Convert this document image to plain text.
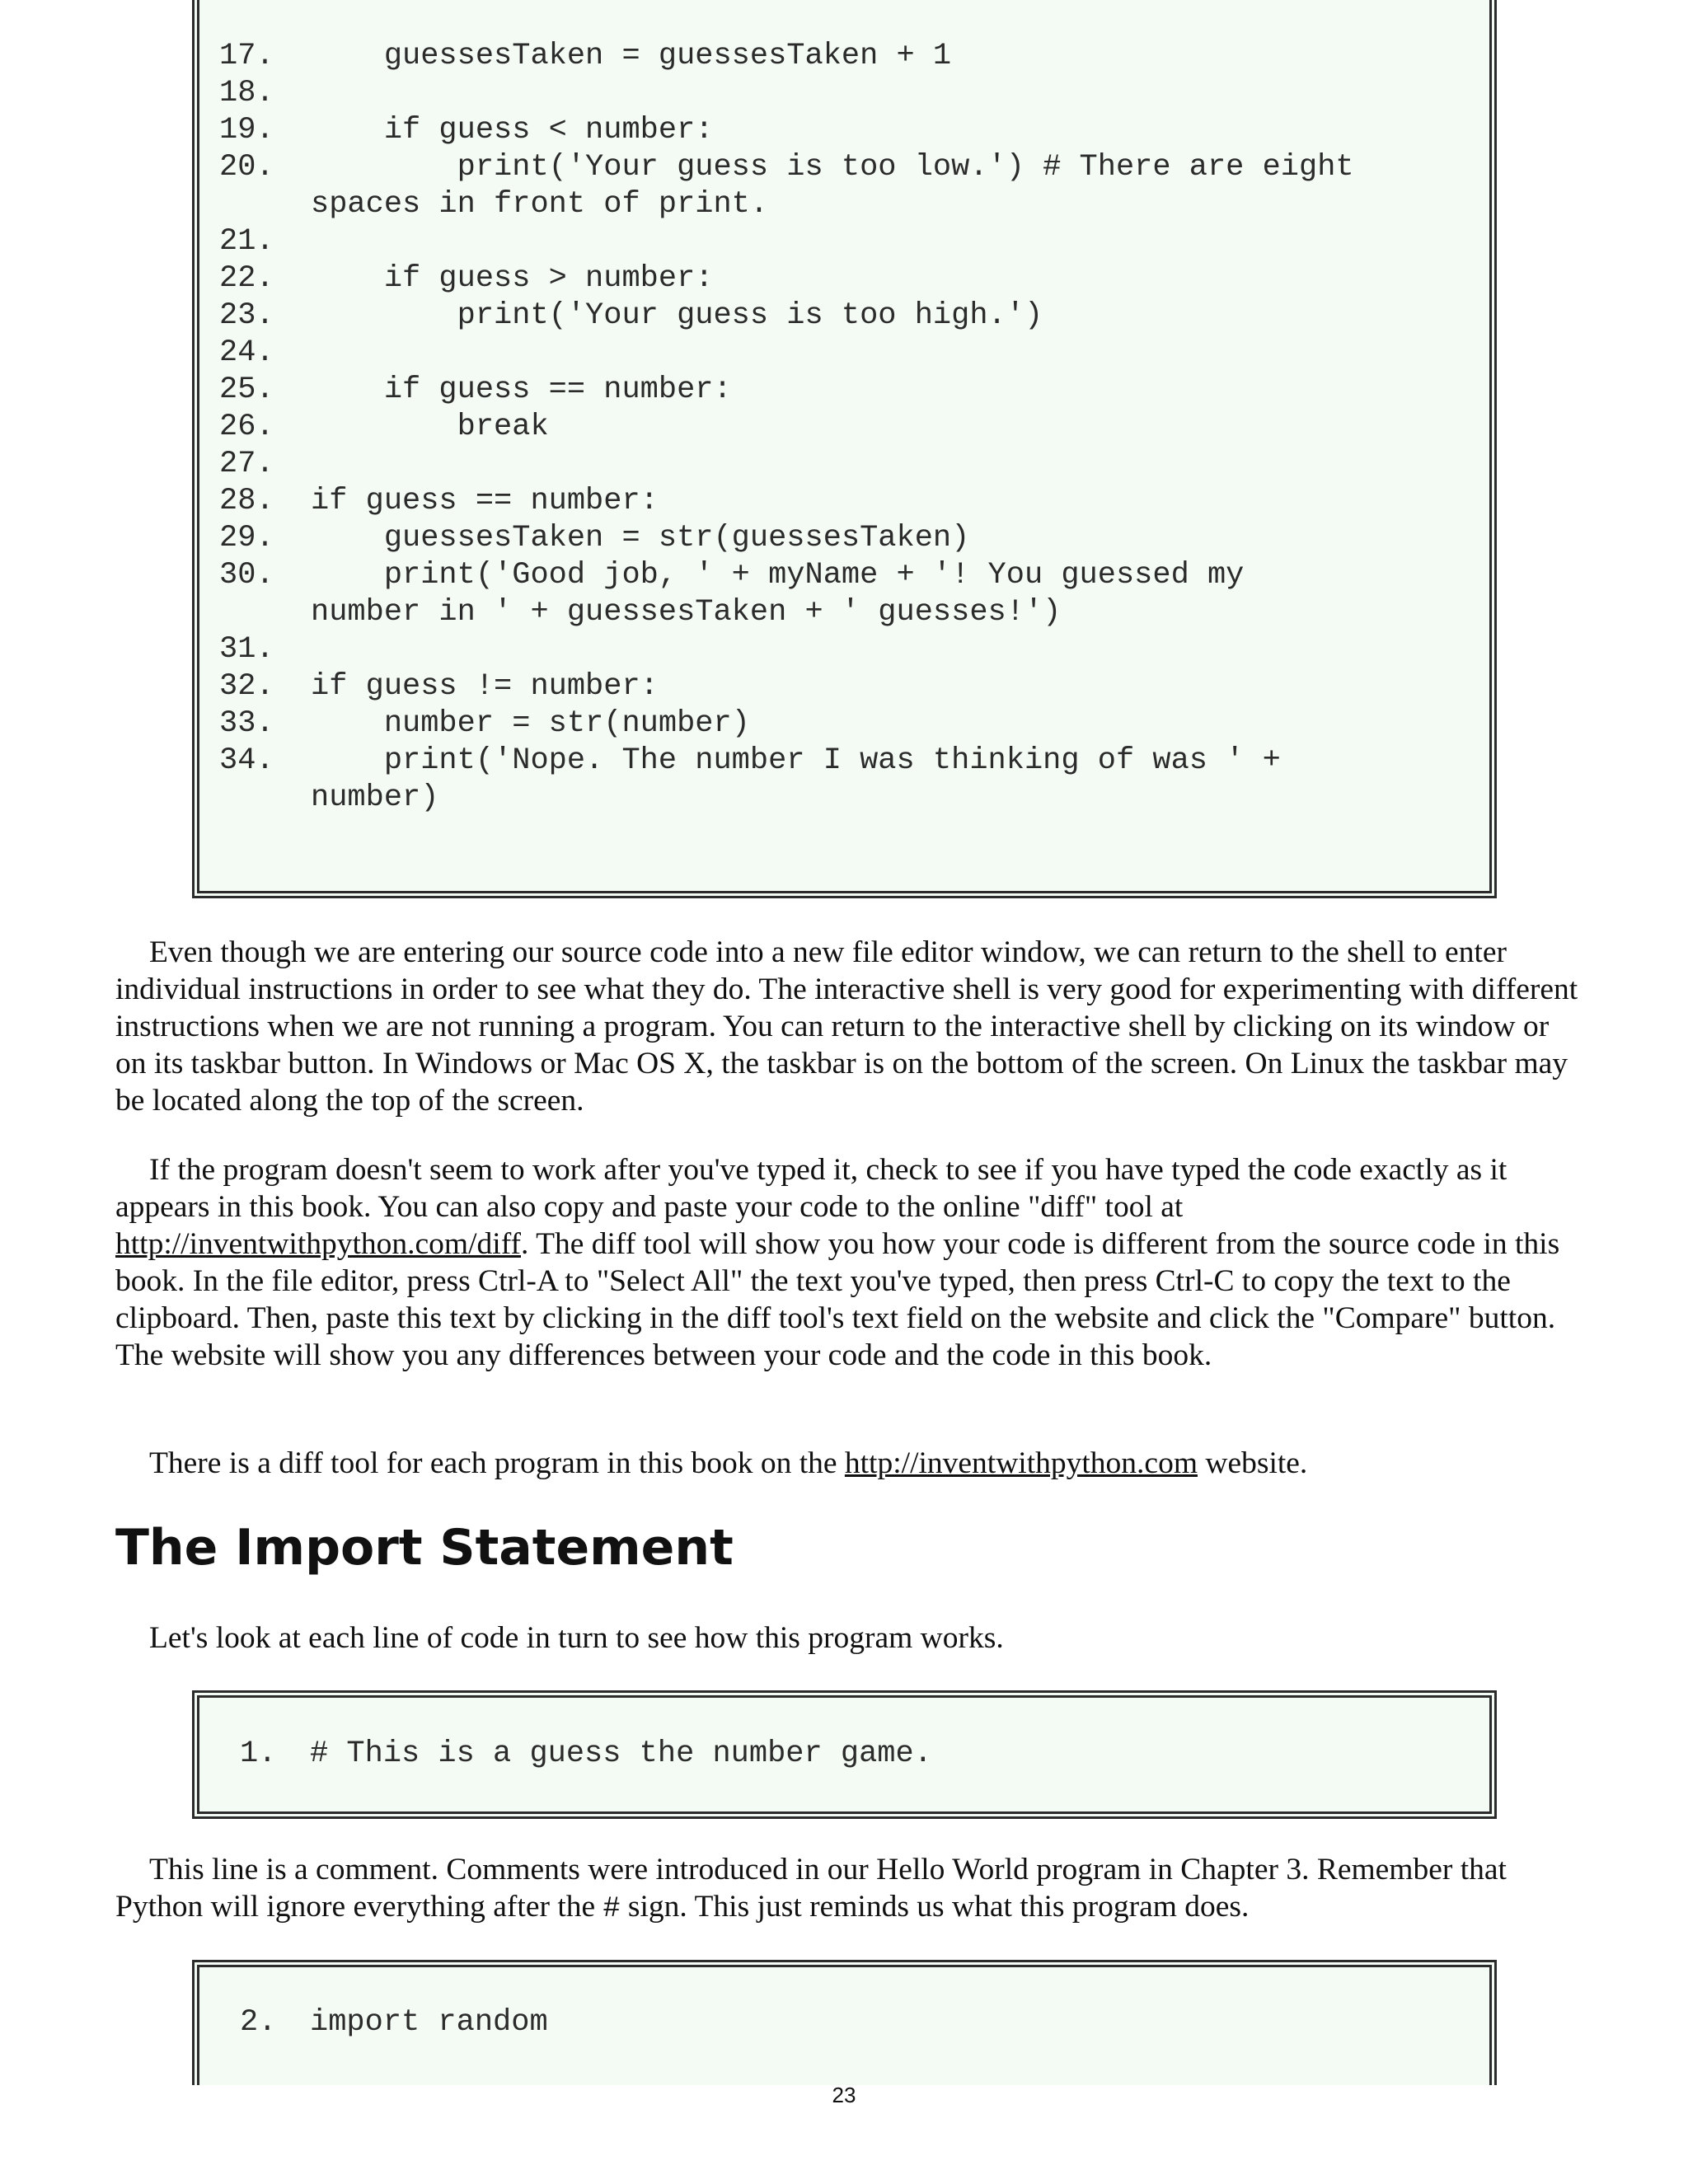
17.    guessesTaken = guessesTaken + 1
18.
19.    if guess < number:
20.        print('Your guess is too low.') # There are eight
spaces in front of print.
21.
22.    if guess > number:
23.        print('Your guess is too high.')
24.
25.    if guess == number:
26.        break
27.
28. if guess == number:
29.    guessesTaken = str(guessesTaken)
30.    print('Good job, ' + myName + '! You guessed my
number in ' + guessesTaken + ' guesses!')
31.
32. if guess != number:
33.    number = str(number)
34.    print('Nope. The number I was thinking of was ' +
number)

Even though we are entering our source code into a new file editor window, we can return to the shell to enter individual instructions in order to see what they do. The interactive shell is very good for experimenting with different instructions when we are not running a program. You can return to the interactive shell by clicking on its window or on its taskbar button. In Windows or Mac OS X, the taskbar is on the bottom of the screen. On Linux the taskbar may be located along the top of the screen.

If the program doesn't seem to work after you've typed it, check to see if you have typed the code exactly as it appears in this book. You can also copy and paste your code to the online "diff" tool at http://inventwithpython.com/diff. The diff tool will show you how your code is different from the source code in this book. In the file editor, press Ctrl-A to "Select All" the text you've typed, then press Ctrl-C to copy the text to the clipboard. Then, paste this text by clicking in the diff tool's text field on the website and click the "Compare" button. The website will show you any differences between your code and the code in this book.

There is a diff tool for each program in this book on the http://inventwithpython.com website.

The Import Statement

Let's look at each line of code in turn to see how this program works.

1. # This is a guess the number game.

This line is a comment. Comments were introduced in our Hello World program in Chapter 3. Remember that Python will ignore everything after the # sign. This just reminds us what this program does.

2. import random
23
